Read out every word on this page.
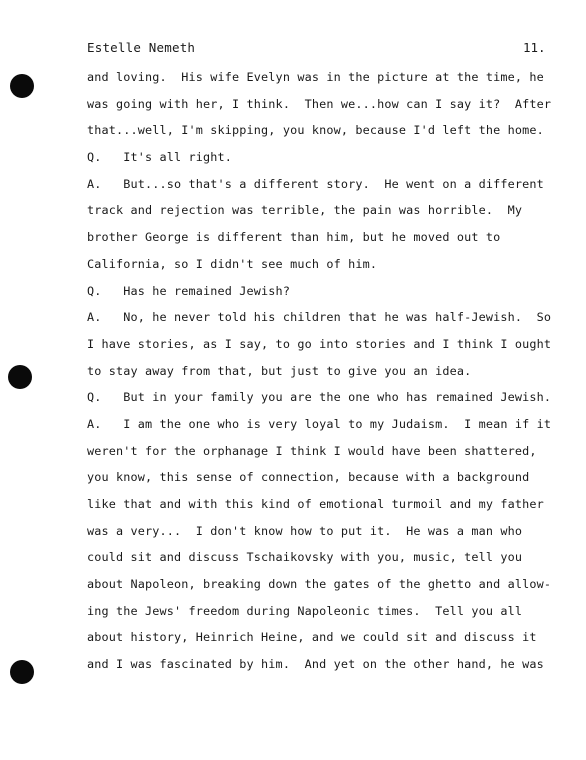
Estelle Nemeth	11.
and loving.  His wife Evelyn was in the picture at the time, he
was going with her, I think.  Then we...how can I say it?  After
that...well, I'm skipping, you know, because I'd left the home.
Q.   It's all right.
A.   But...so that's a different story.  He went on a different
track and rejection was terrible, the pain was horrible.  My
brother George is different than him, but he moved out to
California, so I didn't see much of him.
Q.   Has he remained Jewish?
A.   No, he never told his children that he was half-Jewish.  So
I have stories, as I say, to go into stories and I think I ought
to stay away from that, but just to give you an idea.
Q.   But in your family you are the one who has remained Jewish.
A.   I am the one who is very loyal to my Judaism.  I mean if it
weren't for the orphanage I think I would have been shattered,
you know, this sense of connection, because with a background
like that and with this kind of emotional turmoil and my father
was a very...  I don't know how to put it.  He was a man who
could sit and discuss Tschaikovsky with you, music, tell you
about Napoleon, breaking down the gates of the ghetto and allow-
ing the Jews' freedom during Napoleonic times.  Tell you all
about history, Heinrich Heine, and we could sit and discuss it
and I was fascinated by him.  And yet on the other hand, he was
